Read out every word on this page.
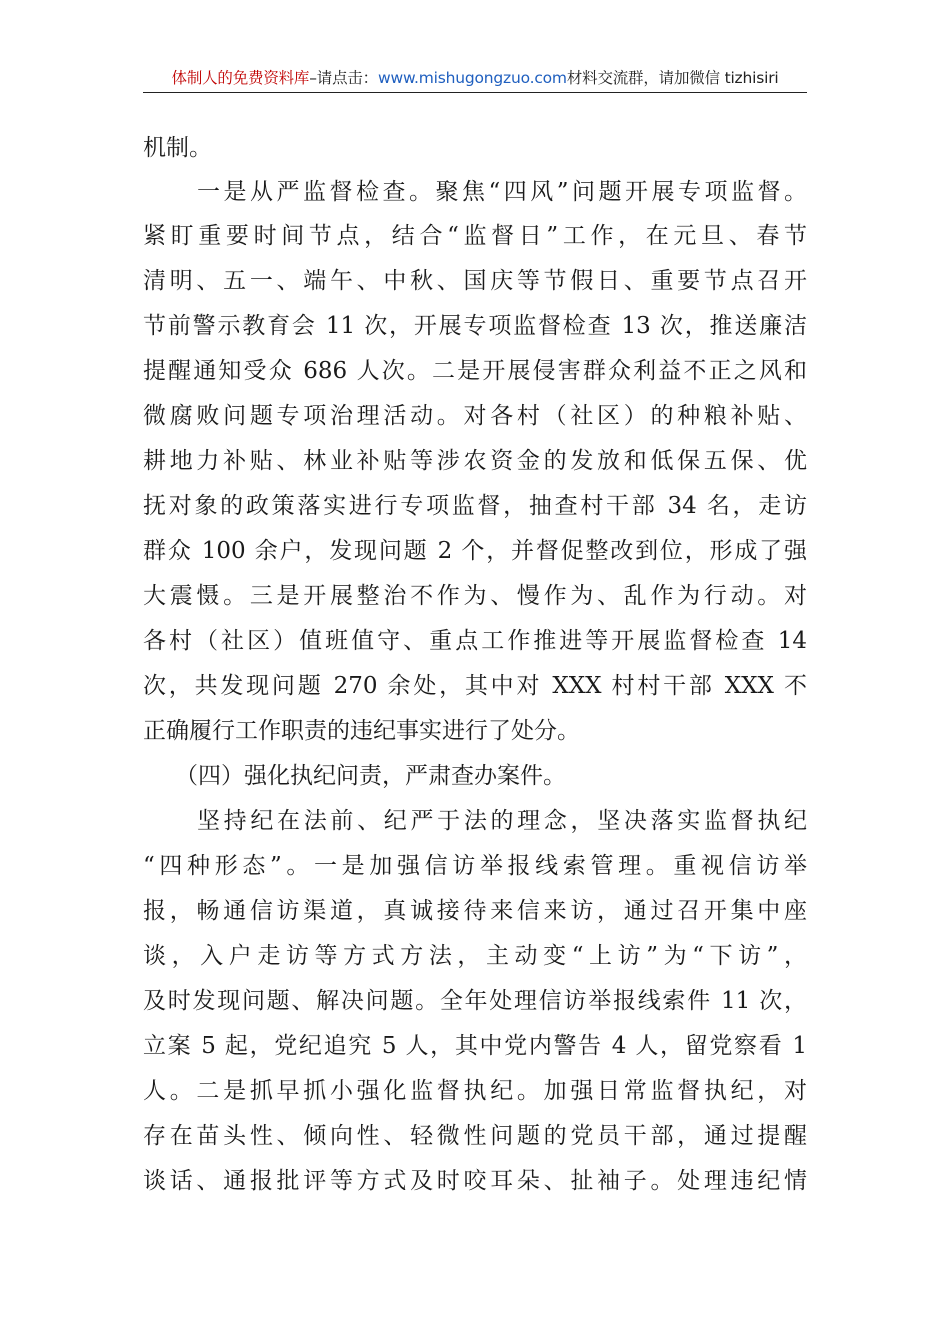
体制人的免费资料库–请点击：www.mishugongzuo.com材料交流群，请加微信 tizhisiri
机制。
一是从严监督检查。聚焦“四风”问题开展专项监督。
紧盯重要时间节点，结合“监督日”工作，在元旦、春节
清明、五一、端午、中秋、国庆等节假日、重要节点召开
节前警示教育会 11 次，开展专项监督检查 13 次，推送廉洁
提醒通知受众 686 人次。二是开展侵害群众利益不正之风和
微腐败问题专项治理活动。对各村（社区）的种粮补贴、
耕地力补贴、林业补贴等涉农资金的发放和低保五保、优
抚对象的政策落实进行专项监督，抽查村干部 34 名，走访
群众 100 余户，发现问题 2 个，并督促整改到位，形成了强
大震慑。三是开展整治不作为、慢作为、乱作为行动。对
各村（社区）值班值守、重点工作推进等开展监督检查 14
次，共发现问题 270 余处，其中对 XXX 村村干部 XXX 不
正确履行工作职责的违纪事实进行了处分。
（四）强化执纪问责，严肃查办案件。
坚持纪在法前、纪严于法的理念，坚决落实监督执纪
“四种形态”。一是加强信访举报线索管理。重视信访举
报，畅通信访渠道，真诚接待来信来访，通过召开集中座
谈，入户走访等方式方法，主动变“上访”为“下访”，
及时发现问题、解决问题。全年处理信访举报线索件 11 次，
立案 5 起，党纪追究 5 人，其中党内警告 4 人，留党察看 1
人。二是抓早抓小强化监督执纪。加强日常监督执纪，对
存在苗头性、倾向性、轻微性问题的党员干部，通过提醒
谈话、通报批评等方式及时咬耳朵、扯袖子。处理违纪情
